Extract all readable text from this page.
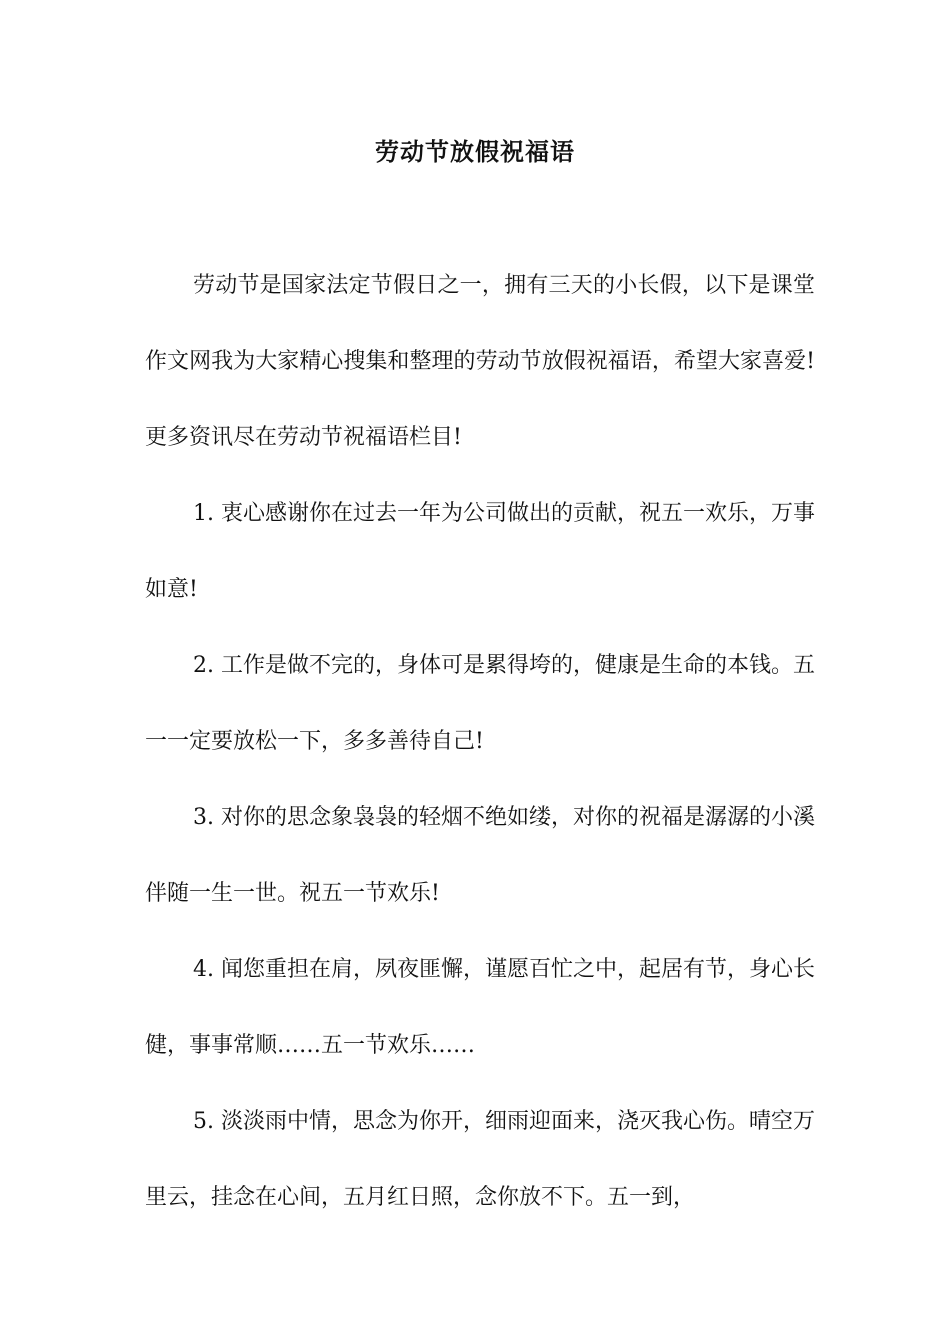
劳动节放假祝福语

劳动节是国家法定节假日之一，拥有三天的小长假，以下是课堂作文网我为大家精心搜集和整理的劳动节放假祝福语，希望大家喜爱!更多资讯尽在劳动节祝福语栏目!

1. 衷心感谢你在过去一年为公司做出的贡献，祝五一欢乐，万事如意!

2. 工作是做不完的，身体可是累得垮的，健康是生命的本钱。五一一定要放松一下，多多善待自己!

3. 对你的思念象袅袅的轻烟不绝如缕，对你的祝福是潺潺的小溪伴随一生一世。祝五一节欢乐!

4. 闻您重担在肩，夙夜匪懈，谨愿百忙之中，起居有节，身心长健，事事常顺……五一节欢乐……

5. 淡淡雨中情，思念为你开，细雨迎面来，浇灭我心伤。晴空万里云，挂念在心间，五月红日照，念你放不下。五一到，
